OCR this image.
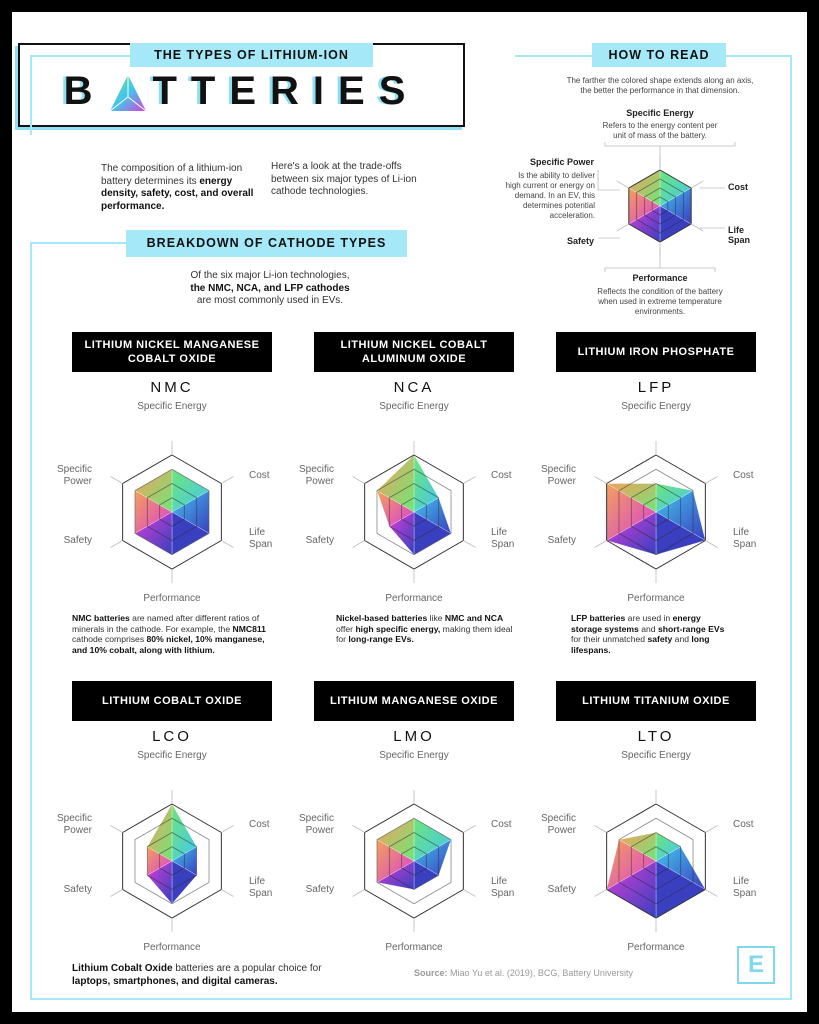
B TTERIES
THE TYPES OF LITHIUM-ION
The composition of a lithium-ion battery determines its energy density, safety, cost, and overall performance.
Here's a look at the trade-offs between six major types of Li-ion cathode technologies.
HOW TO READ
The farther the colored shape extends along an axis, the better the performance in that dimension.
Specific Energy
Refers to the energy content per unit of mass of the battery.
Specific Power
Is the ability to deliver high current or energy on demand. In an EV, this determines potential acceleration.
Cost
Life Span
Safety
Performance
Reflects the condition of the battery when used in extreme temperature environments.
BREAKDOWN OF CATHODE TYPES
Of the six major Li-ion technologies,
the NMC, NCA, and LFP cathodes
are most commonly used in EVs.
LITHIUM NICKEL MANGANESE COBALT OXIDE
NMC
Specific Energy
Cost
Life Span
Performance
Safety
Specific Power
LITHIUM NICKEL COBALT ALUMINUM OXIDE
NCA
Specific Energy
Cost
Life Span
Performance
Safety
Specific Power
LITHIUM IRON PHOSPHATE
LFP
Specific Energy
Cost
Life Span
Performance
Safety
Specific Power
LITHIUM COBALT OXIDE
LCO
Specific Energy
Cost
Life Span
Performance
Safety
Specific Power
LITHIUM MANGANESE OXIDE
LMO
Specific Energy
Cost
Life Span
Performance
Safety
Specific Power
LITHIUM TITANIUM OXIDE
LTO
Specific Energy
Cost
Life Span
Performance
Safety
Specific Power
NMC batteries are named after different ratios of minerals in the cathode. For example, the NMC811 cathode comprises 80% nickel, 10% manganese, and 10% cobalt, along with lithium.
Nickel-based batteries like NMC and NCA offer high specific energy, making them ideal for long-range EVs.
LFP batteries are used in energy storage systems and short-range EVs for their unmatched safety and long lifespans.
Lithium Cobalt Oxide batteries are a popular choice for laptops, smartphones, and digital cameras.
Source: Miao Yu et al. (2019), BCG, Battery University	E
